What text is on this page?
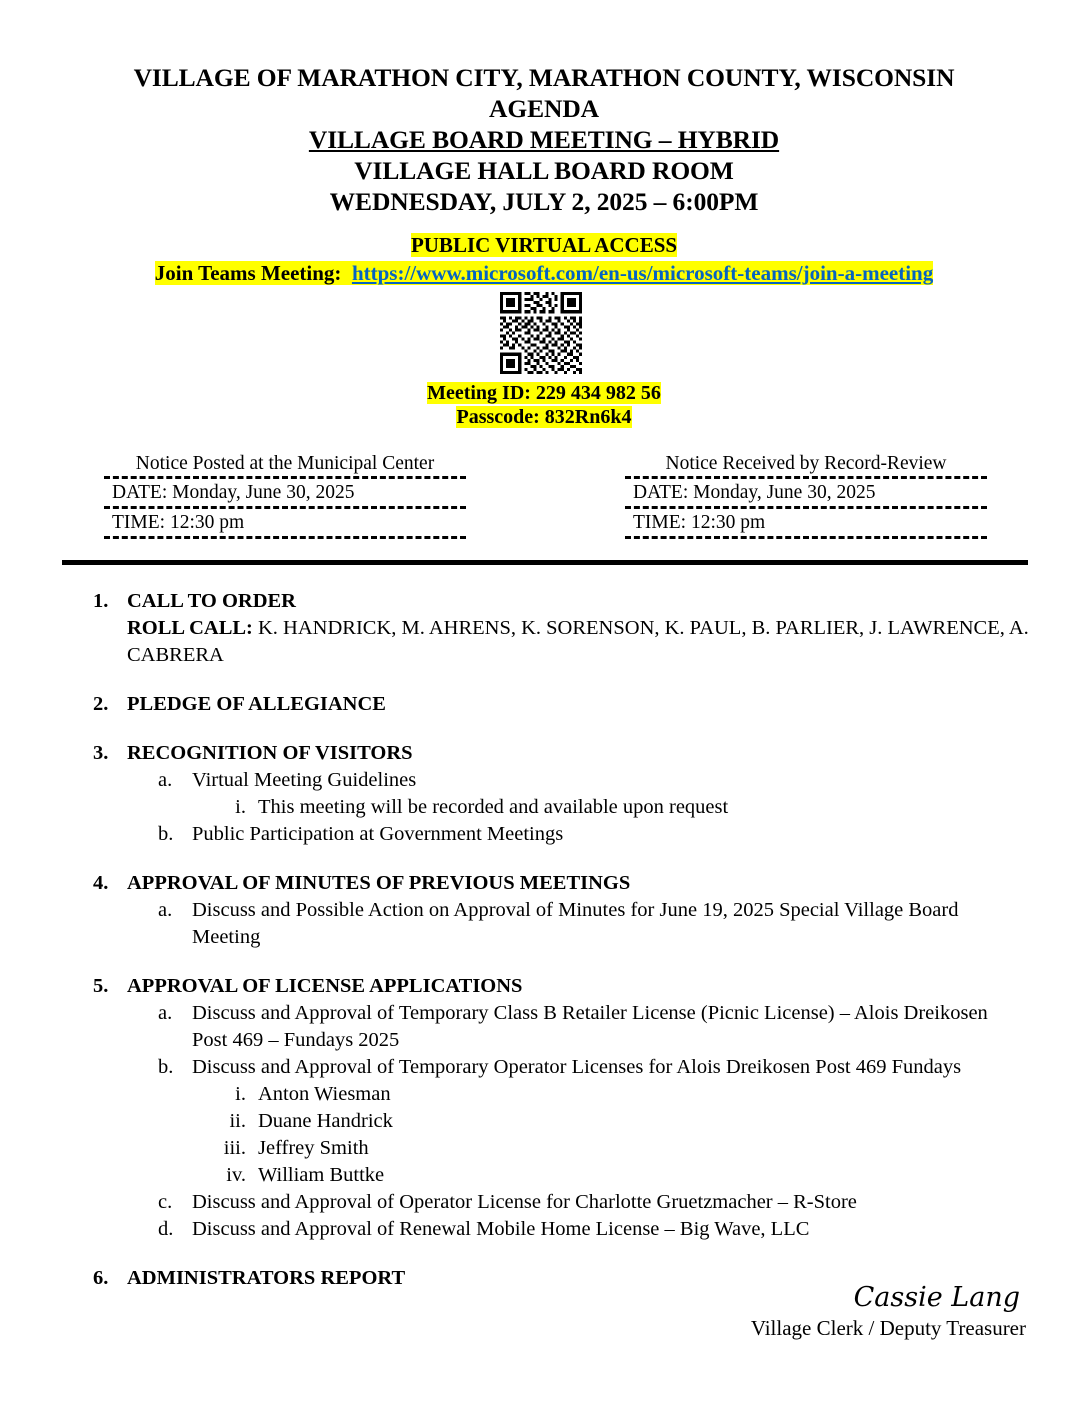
VILLAGE OF MARATHON CITY, MARATHON COUNTY, WISCONSIN
AGENDA
VILLAGE BOARD MEETING – HYBRID
VILLAGE HALL BOARD ROOM
WEDNESDAY, JULY 2, 2025 – 6:00PM
PUBLIC VIRTUAL ACCESS
Join Teams Meeting: https://www.microsoft.com/en-us/microsoft-teams/join-a-meeting
Meeting ID: 229 434 982 56
Passcode: 832Rn6k4
Notice Posted at the Municipal Center
DATE: Monday, June 30, 2025
TIME: 12:30 pm
Notice Received by Record-Review
DATE: Monday, June 30, 2025
TIME: 12:30 pm
1. CALL TO ORDER
ROLL CALL: K. HANDRICK, M. AHRENS, K. SORENSON, K. PAUL, B. PARLIER, J. LAWRENCE, A. CABRERA
2. PLEDGE OF ALLEGIANCE
3. RECOGNITION OF VISITORS
a. Virtual Meeting Guidelines
i. This meeting will be recorded and available upon request
b. Public Participation at Government Meetings
4. APPROVAL OF MINUTES OF PREVIOUS MEETINGS
a. Discuss and Possible Action on Approval of Minutes for June 19, 2025 Special Village Board Meeting
5. APPROVAL OF LICENSE APPLICATIONS
a. Discuss and Approval of Temporary Class B Retailer License (Picnic License) – Alois Dreikosen Post 469 – Fundays 2025
b. Discuss and Approval of Temporary Operator Licenses for Alois Dreikosen Post 469 Fundays
i. Anton Wiesman
ii. Duane Handrick
iii. Jeffrey Smith
iv. William Buttke
c. Discuss and Approval of Operator License for Charlotte Gruetzmacher – R-Store
d. Discuss and Approval of Renewal Mobile Home License – Big Wave, LLC
6. ADMINISTRATORS REPORT
Cassie Lang
Village Clerk / Deputy Treasurer
